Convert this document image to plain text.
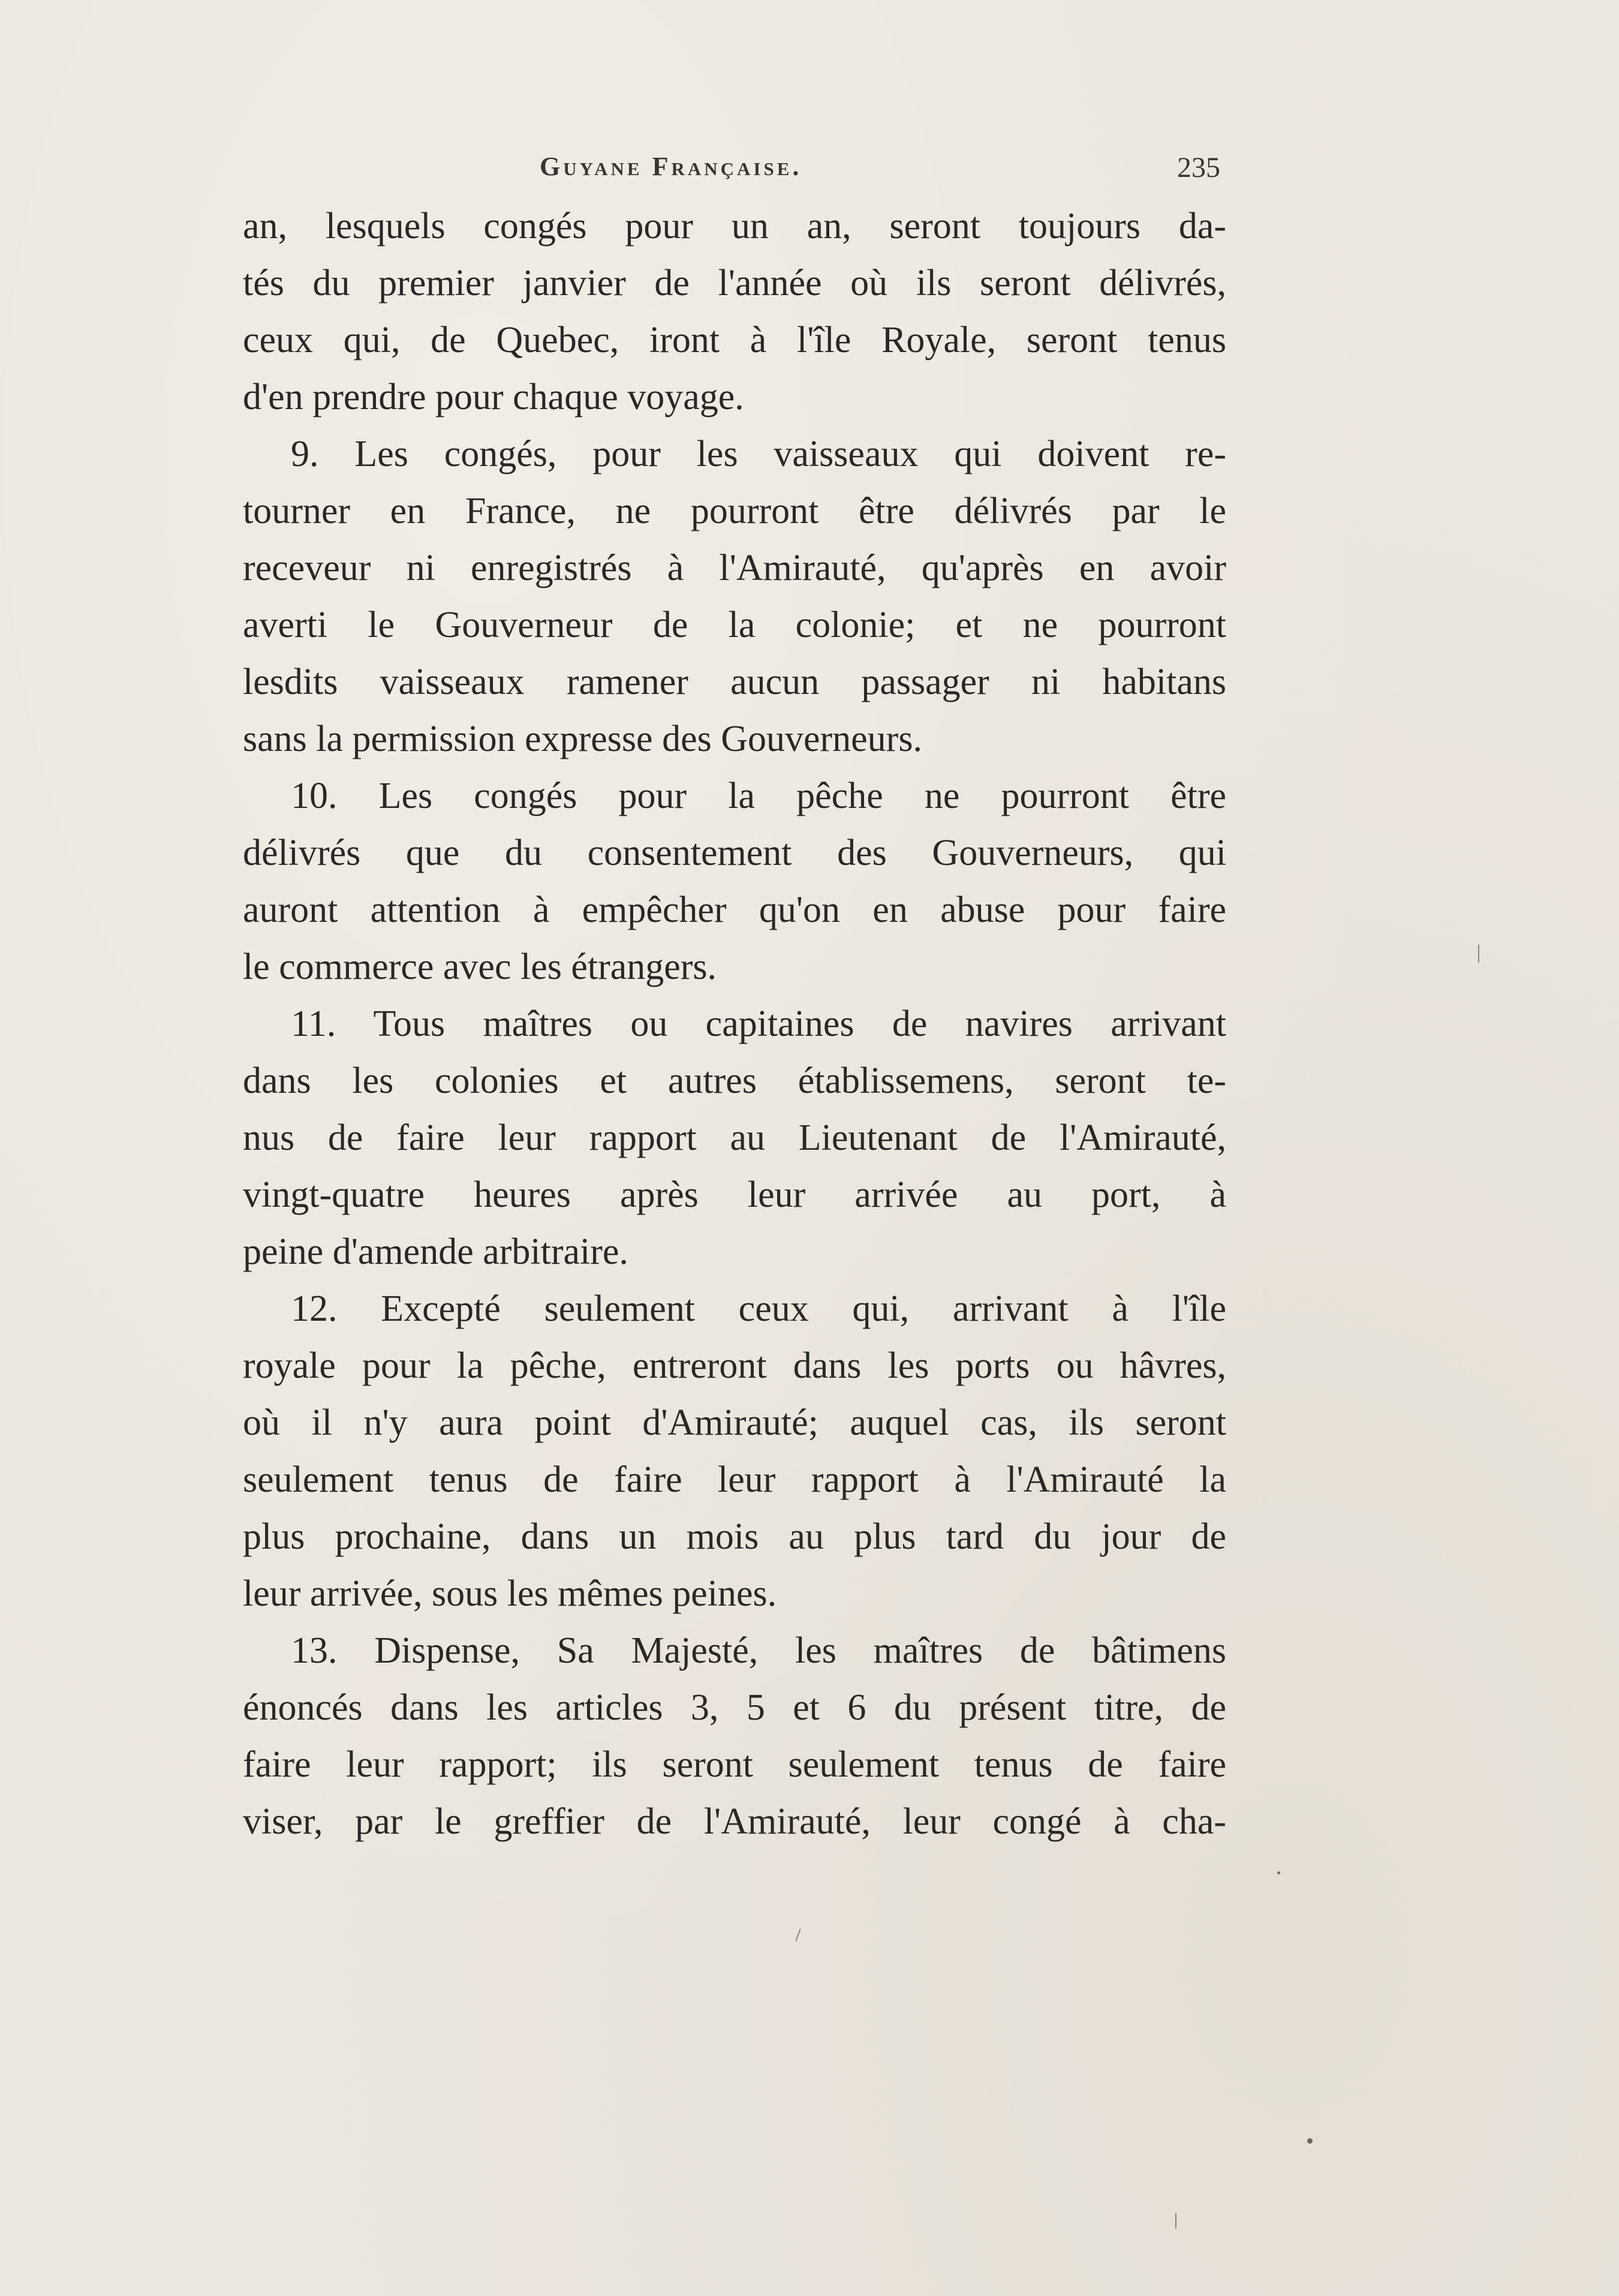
Guyane Française.	235
an, lesquels congés pour un an, seront toujours da-
tés du premier janvier de l'année où ils seront délivrés,
ceux qui, de Quebec, iront à l'île Royale, seront tenus
d'en prendre pour chaque voyage.
9. Les congés, pour les vaisseaux qui doivent re-
tourner en France, ne pourront être délivrés par le
receveur ni enregistrés à l'Amirauté, qu'après en avoir
averti le Gouverneur de la colonie; et ne pourront
lesdits vaisseaux ramener aucun passager ni habitans
sans la permission expresse des Gouverneurs.
10. Les congés pour la pêche ne pourront être
délivrés que du consentement des Gouverneurs, qui
auront attention à empêcher qu'on en abuse pour faire
le commerce avec les étrangers.
11. Tous maîtres ou capitaines de navires arrivant
dans les colonies et autres établissemens, seront te-
nus de faire leur rapport au Lieutenant de l'Amirauté,
vingt-quatre heures après leur arrivée au port, à
peine d'amende arbitraire.
12. Excepté seulement ceux qui, arrivant à l'île
royale pour la pêche, entreront dans les ports ou hâvres,
où il n'y aura point d'Amirauté; auquel cas, ils seront
seulement tenus de faire leur rapport à l'Amirauté la
plus prochaine, dans un mois au plus tard du jour de
leur arrivée, sous les mêmes peines.
13. Dispense, Sa Majesté, les maîtres de bâtimens
énoncés dans les articles 3, 5 et 6 du présent titre, de
faire leur rapport; ils seront seulement tenus de faire
viser, par le greffier de l'Amirauté, leur congé à cha-
